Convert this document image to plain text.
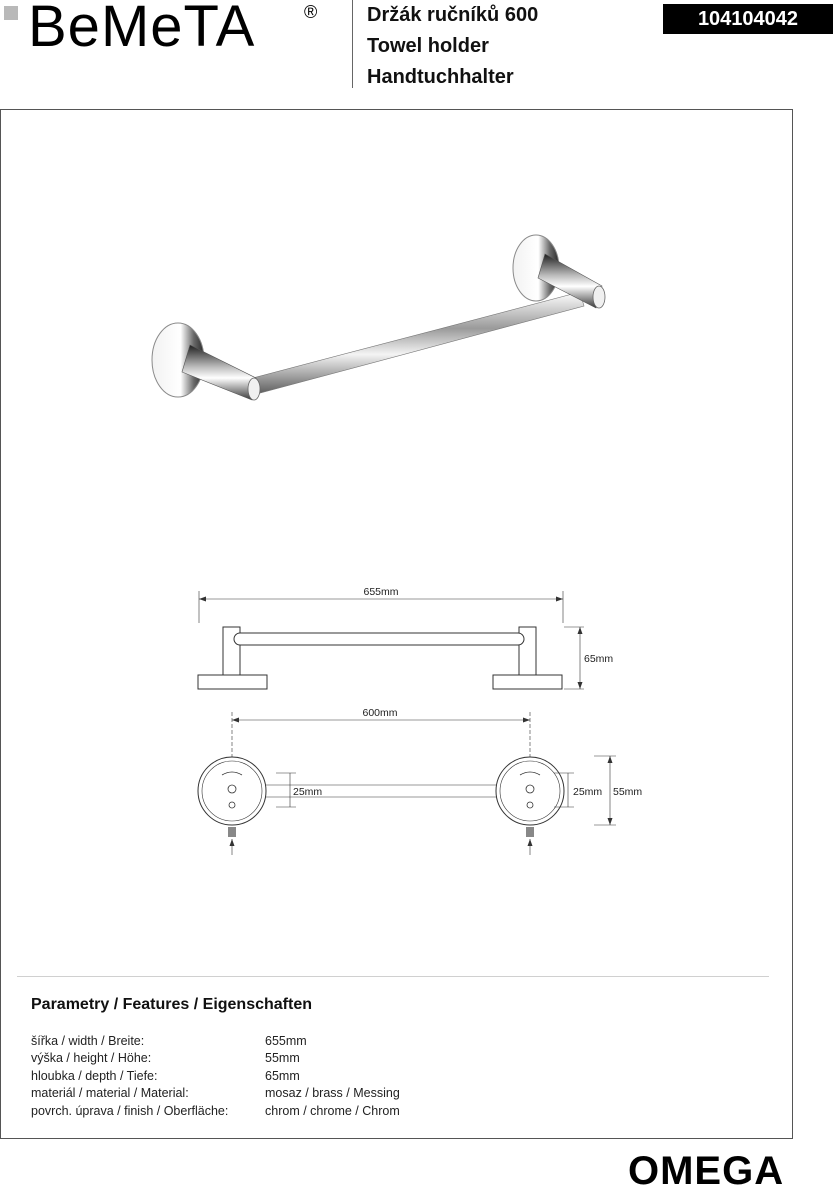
BeMeTA	® Držák ručníků 600
Towel holder
Handtuchhalter
104104042
655mm
65mm
600mm
25mm	25mm 55mm
Parametry / Features / Eigenschaften
šířka / width / Breite:	655mm
výška / height / Höhe:	55mm
hloubka / depth / Tiefe:	65mm
materiál / material / Material:	mosaz / brass / Messing
povrch. úprava / finish / Oberfläche:	chrom / chrome / Chrom
OMEGA
